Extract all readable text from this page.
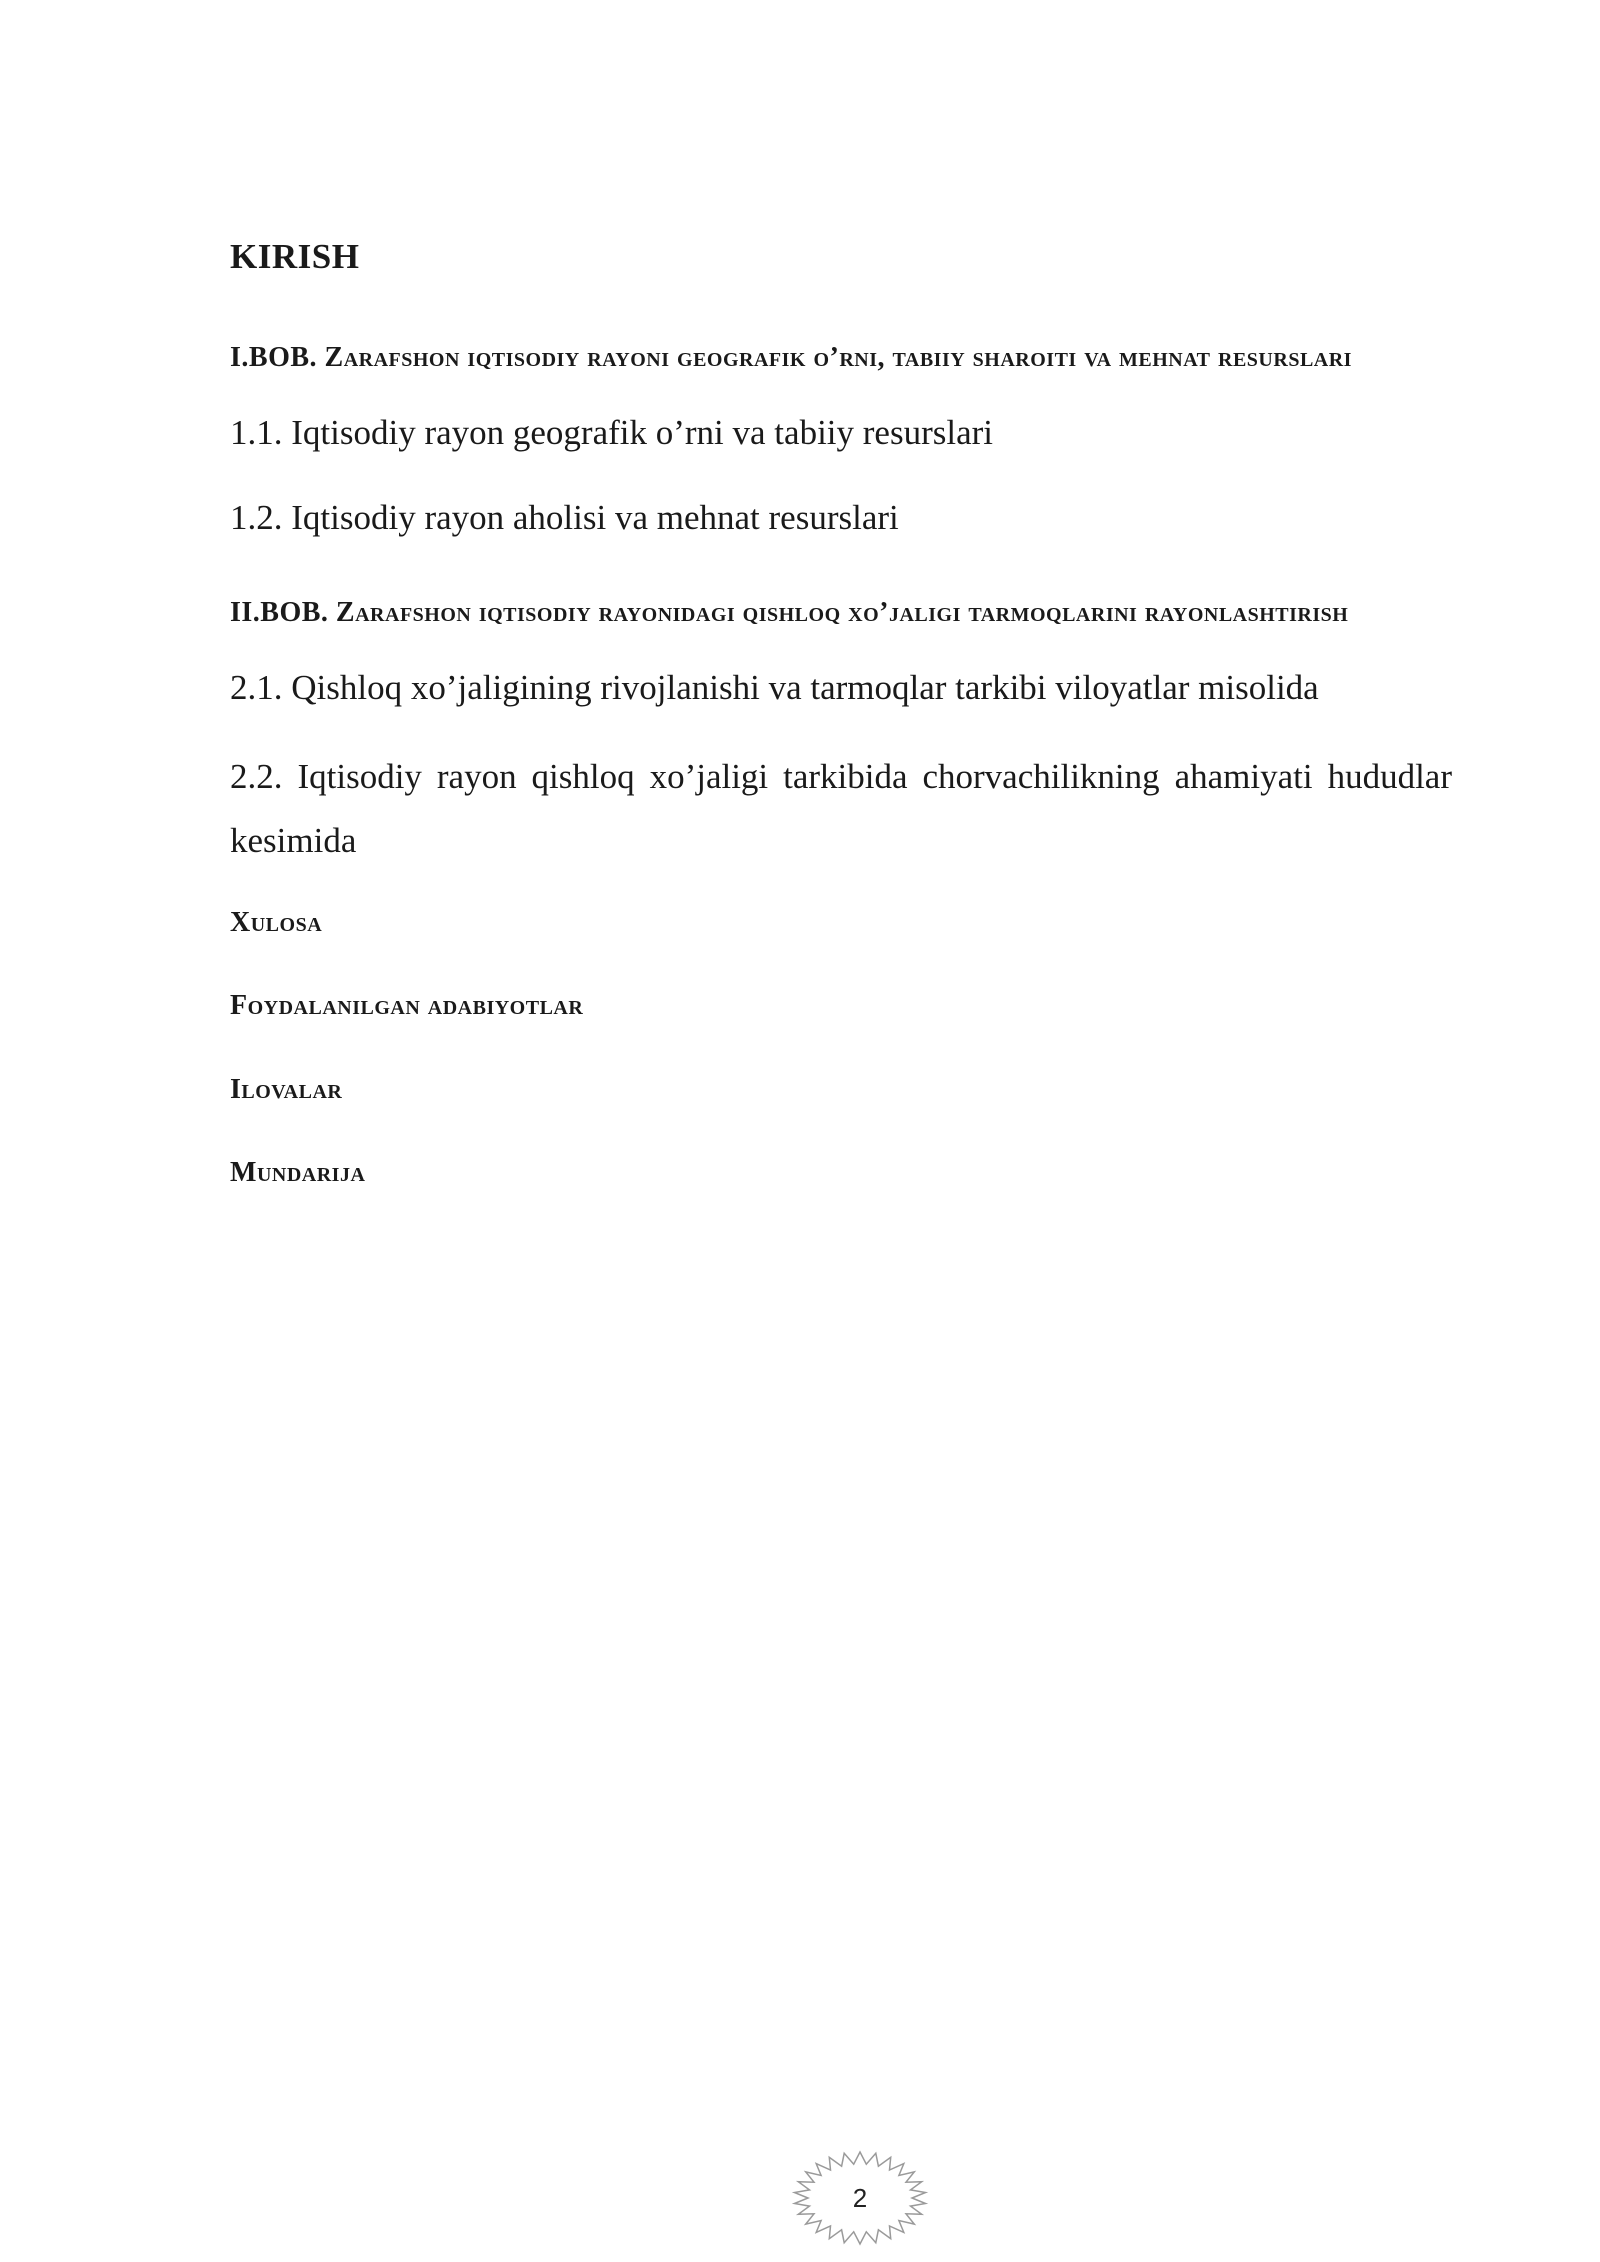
KIRISH

I.BOB. Zarafshon iqtisodiy rayoni geografik o’rni, tabiiy sharoiti va mehnat resurslari

1.1. Iqtisodiy rayon geografik o’rni va tabiiy resurslari

1.2. Iqtisodiy rayon aholisi va mehnat resurslari

II.BOB. Zarafshon iqtisodiy rayonidagi qishloq xo’jaligi tarmoqlarini rayonlashtirish

2.1. Qishloq xo’jaligining rivojlanishi va tarmoqlar tarkibi viloyatlar misolida

2.2. Iqtisodiy rayon qishloq xo’jaligi tarkibida chorvachilikning ahamiyati hududlar kesimida

Xulosa

Foydalanilgan adabiyotlar

Ilovalar

Mundarija

2
